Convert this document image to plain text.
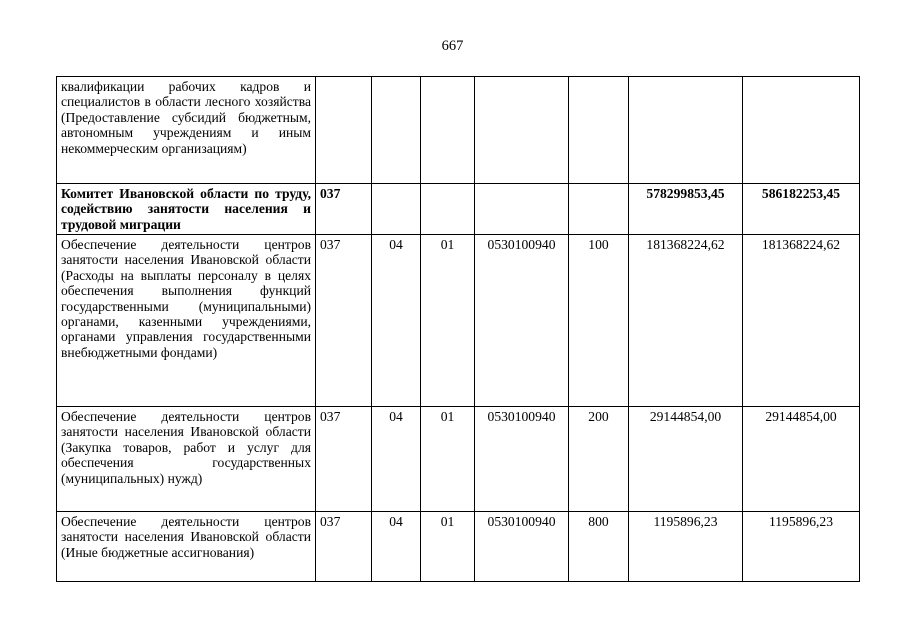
667
квалификации рабочих кадров и специалистов в области лесного хозяйства (Предоставление субсидий бюджетным, автономным учреждениям и иным некоммерческим организациям)							
Комитет Ивановской области по труду, содействию занятости населения и трудовой миграции	037					578299853,45	586182253,45
Обеспечение деятельности центров занятости населения Ивановской области (Расходы на выплаты персоналу в целях обеспечения выполнения функций государственными (муниципальными) органами, казенными учреждениями, органами управления государственными внебюджетными фондами)	037	04	01	0530100940	100	181368224,62	181368224,62
Обеспечение деятельности центров занятости населения Ивановской области (Закупка товаров, работ и услуг для обеспечения государственных (муниципальных) нужд)	037	04	01	0530100940	200	29144854,00	29144854,00
Обеспечение деятельности центров занятости населения Ивановской области (Иные бюджетные ассигнования)	037	04	01	0530100940	800	1195896,23	1195896,23
